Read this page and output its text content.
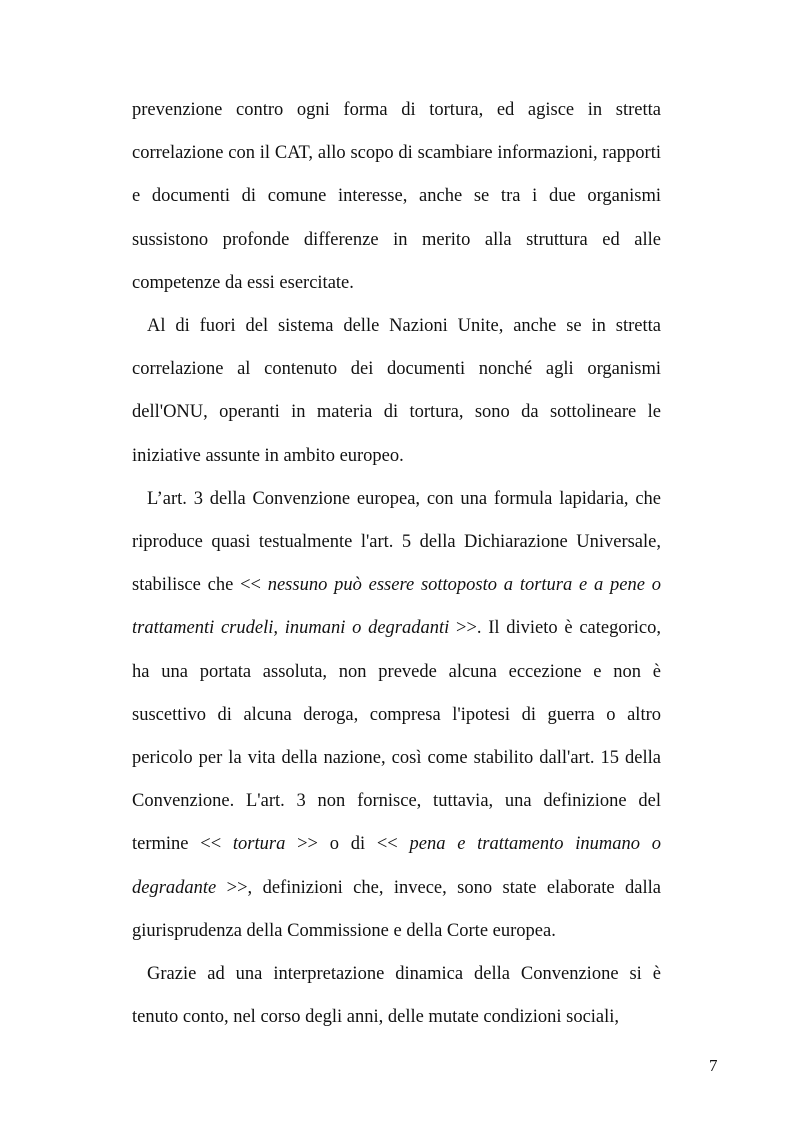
prevenzione contro ogni forma di tortura, ed agisce in stretta correlazione con il CAT, allo scopo di scambiare informazioni, rapporti e documenti di comune interesse, anche se tra i due organismi sussistono profonde differenze in merito alla struttura ed alle competenze da essi esercitate.

Al di fuori del sistema delle Nazioni Unite, anche se in stretta correlazione al contenuto dei documenti nonché agli organismi dell'ONU, operanti in materia di tortura, sono da sottolineare le iniziative assunte in ambito europeo.

L’art. 3 della Convenzione europea, con una formula lapidaria, che riproduce quasi testualmente l'art. 5 della Dichiarazione Universale, stabilisce che << nessuno può essere sottoposto a tortura e a pene o trattamenti crudeli, inumani o degradanti >>. Il divieto è categorico, ha una portata assoluta, non prevede alcuna eccezione e non è suscettivo di alcuna deroga, compresa l'ipotesi di guerra o altro pericolo per la vita della nazione, così come stabilito dall'art. 15 della Convenzione. L'art. 3 non fornisce, tuttavia, una definizione del termine << tortura >> o di << pena e trattamento inumano o degradante >>, definizioni che, invece, sono state elaborate dalla giurisprudenza della Commissione e della Corte europea.

Grazie ad una interpretazione dinamica della Convenzione si è tenuto conto, nel corso degli anni, delle mutate condizioni sociali,

7
